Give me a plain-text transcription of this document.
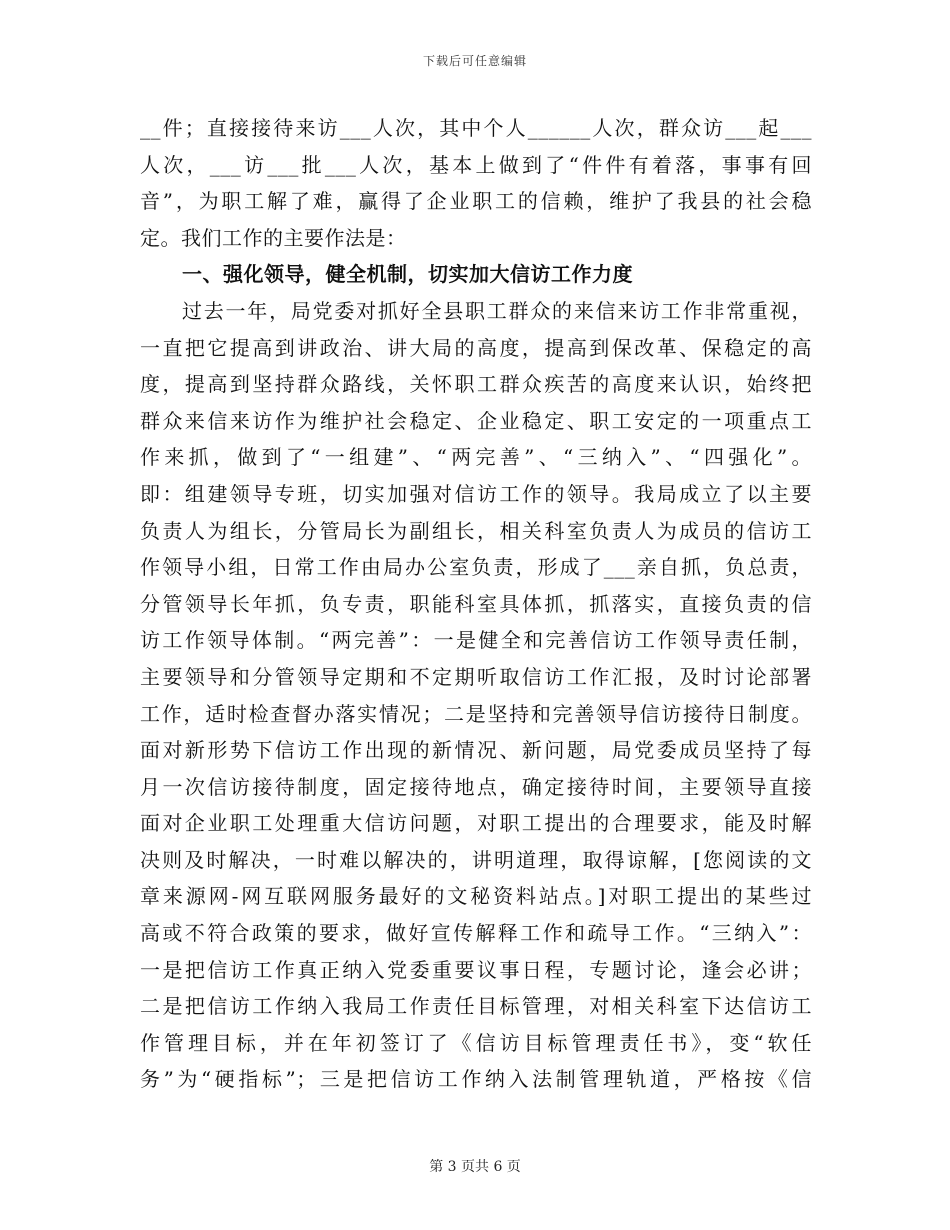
下载后可任意编辑
__件；直接接待来访___人次，其中个人______人次，群众访___起___
人次，___访___批___人次，基本上做到了“件件有着落，事事有回
音”，为职工解了难，赢得了企业职工的信赖，维护了我县的社会稳
定。我们工作的主要作法是：
一、强化领导，健全机制，切实加大信访工作力度
过去一年，局党委对抓好全县职工群众的来信来访工作非常重视，
一直把它提高到讲政治、讲大局的高度，提高到保改革、保稳定的高
度，提高到坚持群众路线，关怀职工群众疾苦的高度来认识，始终把
群众来信来访作为维护社会稳定、企业稳定、职工安定的一项重点工
作来抓，做到了“一组建”、“两完善”、“三纳入”、“四强化”。
即：组建领导专班，切实加强对信访工作的领导。我局成立了以主要
负责人为组长，分管局长为副组长，相关科室负责人为成员的信访工
作领导小组，日常工作由局办公室负责，形成了___亲自抓，负总责，
分管领导长年抓，负专责，职能科室具体抓，抓落实，直接负责的信
访工作领导体制。“两完善”：一是健全和完善信访工作领导责任制，
主要领导和分管领导定期和不定期听取信访工作汇报，及时讨论部署
工作，适时检查督办落实情况；二是坚持和完善领导信访接待日制度。
面对新形势下信访工作出现的新情况、新问题，局党委成员坚持了每
月一次信访接待制度，固定接待地点，确定接待时间，主要领导直接
面对企业职工处理重大信访问题，对职工提出的合理要求，能及时解
决则及时解决，一时难以解决的，讲明道理，取得谅解，[您阅读的文
章来源网-网互联网服务最好的文秘资料站点。]对职工提出的某些过
高或不符合政策的要求，做好宣传解释工作和疏导工作。“三纳入”：
一是把信访工作真正纳入党委重要议事日程，专题讨论，逢会必讲；
二是把信访工作纳入我局工作责任目标管理，对相关科室下达信访工
作管理目标，并在年初签订了《信访目标管理责任书》，变“软任
务”为“硬指标”；三是把信访工作纳入法制管理轨道，严格按《信
第 3 页共 6 页
